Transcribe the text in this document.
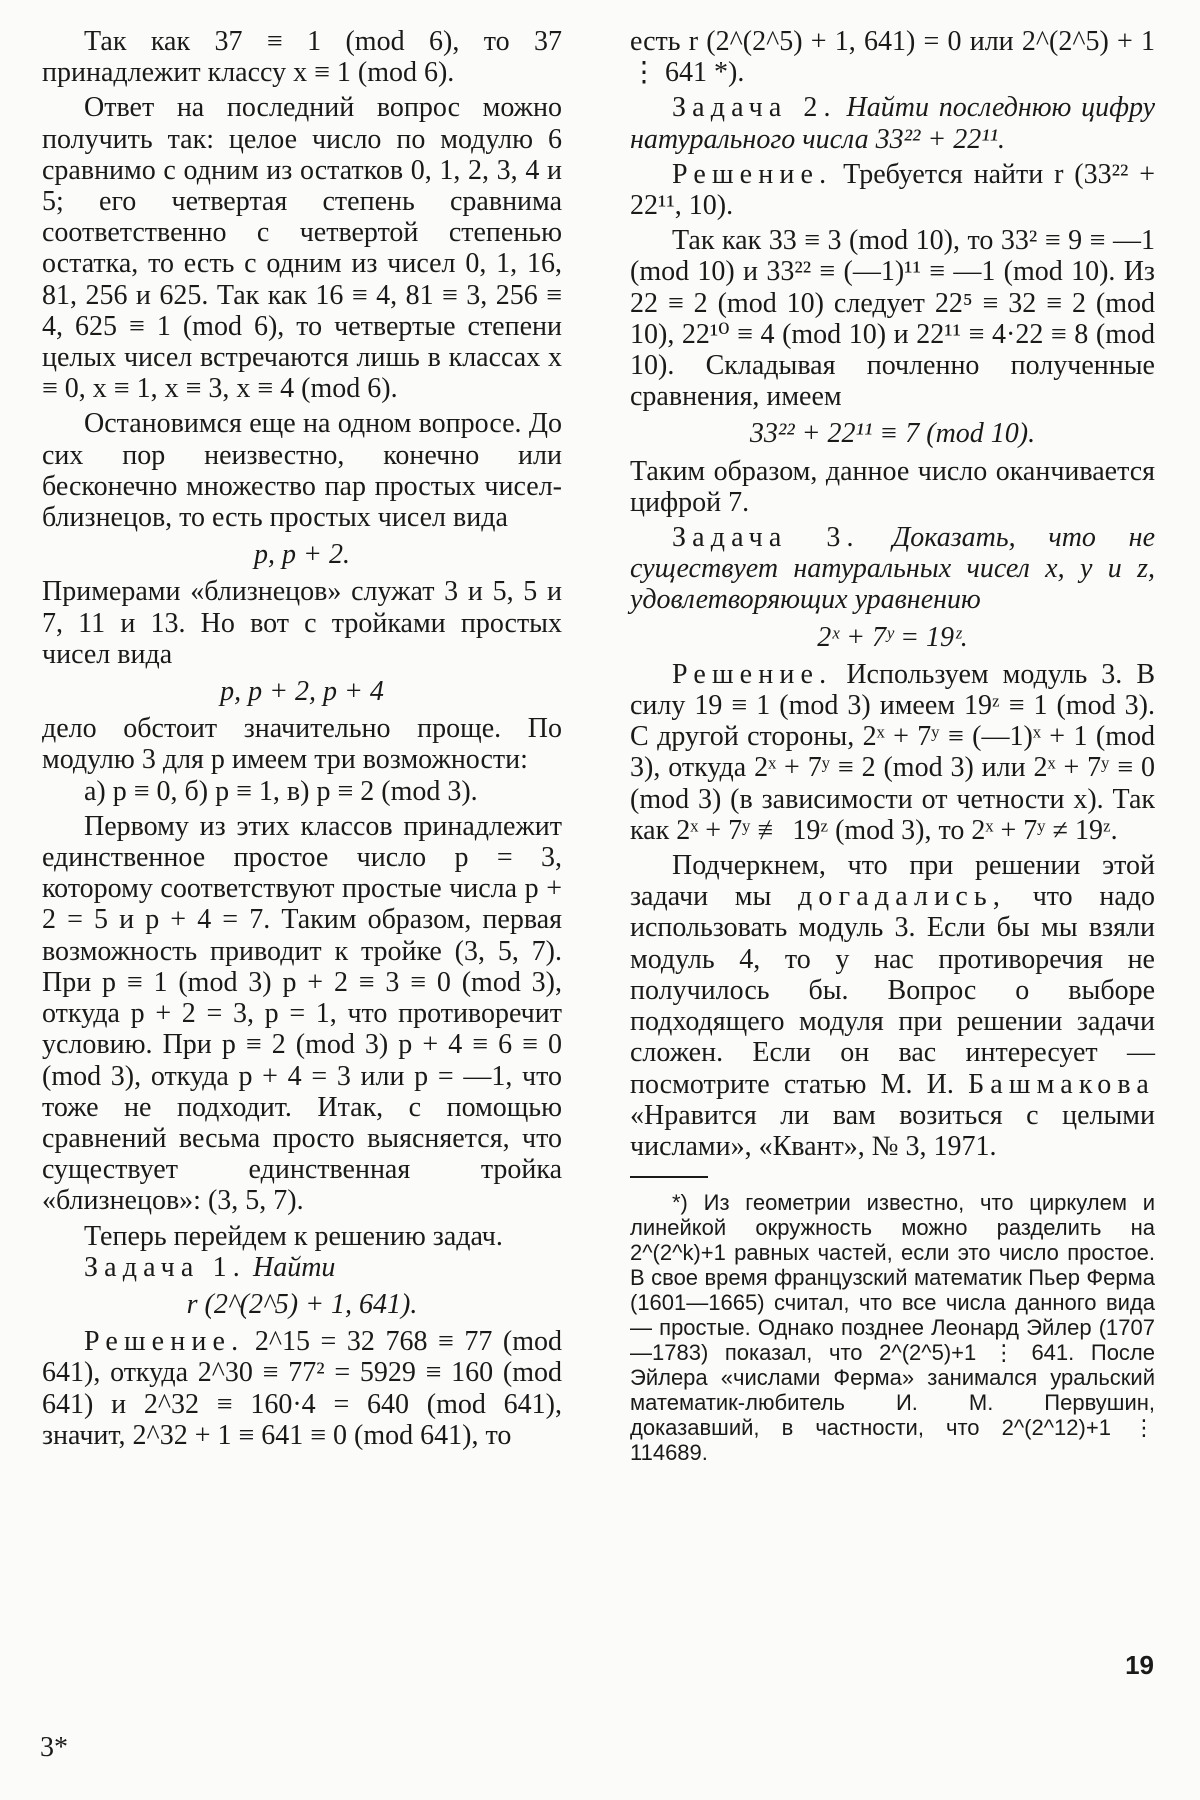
Так как 37 ≡ 1 (mod 6), то 37 принадлежит классу x ≡ 1 (mod 6).

Ответ на последний вопрос можно получить так: целое число по модулю 6 сравнимо с одним из остатков 0, 1, 2, 3, 4 и 5; его четвертая степень сравнима соответственно с четвертой степенью остатка, то есть с одним из чисел 0, 1, 16, 81, 256 и 625. Так как 16 ≡ 4, 81 ≡ 3, 256 ≡ 4, 625 ≡ 1 (mod 6), то четвертые степени целых чисел встречаются лишь в классах x ≡ 0, x ≡ 1, x ≡ 3, x ≡ 4 (mod 6).

Остановимся еще на одном вопросе. До сих пор неизвестно, конечно или бесконечно множество пар простых чисел-близнецов, то есть простых чисел вида

p, p + 2.

Примерами «близнецов» служат 3 и 5, 5 и 7, 11 и 13. Но вот с тройками простых чисел вида

p, p + 2, p + 4

дело обстоит значительно проще. По модулю 3 для p имеем три возможности:

а) p ≡ 0, б) p ≡ 1, в) p ≡ 2 (mod 3).

Первому из этих классов принадлежит единственное простое число p = 3, которому соответствуют простые числа p + 2 = 5 и p + 4 = 7. Таким образом, первая возможность приводит к тройке (3, 5, 7). При p ≡ 1 (mod 3) p + 2 ≡ 3 ≡ 0 (mod 3), откуда p + 2 = 3, p = 1, что противоречит условию. При p ≡ 2 (mod 3) p + 4 ≡ 6 ≡ 0 (mod 3), откуда p + 4 = 3 или p = —1, что тоже не подходит. Итак, с помощью сравнений весьма просто выясняется, что существует единственная тройка «близнецов»: (3, 5, 7).

Теперь перейдем к решению задач.

Задача 1. Найти

r (2^(2^5) + 1, 641).

Решение. 2^15 = 32 768 ≡ 77 (mod 641), откуда 2^30 ≡ 77² = 5929 ≡ 160 (mod 641) и 2^32 ≡ 160·4 = 640 (mod 641), значит, 2^32 + 1 ≡ 641 ≡ 0 (mod 641), то

есть r (2^(2^5) + 1, 641) = 0 или 2^(2^5) + 1 ⋮ 641 *).

Задача 2. Найти последнюю цифру натурального числа 33²² + 22¹¹.

Решение. Требуется найти r (33²² + 22¹¹, 10).

Так как 33 ≡ 3 (mod 10), то 33² ≡ 9 ≡ —1 (mod 10) и 33²² ≡ (—1)¹¹ ≡ —1 (mod 10). Из 22 ≡ 2 (mod 10) следует 22⁵ ≡ 32 ≡ 2 (mod 10), 22¹⁰ ≡ 4 (mod 10) и 22¹¹ ≡ 4·22 ≡ 8 (mod 10). Складывая почленно полученные сравнения, имеем

33²² + 22¹¹ ≡ 7 (mod 10).

Таким образом, данное число оканчивается цифрой 7.

Задача 3. Доказать, что не существует натуральных чисел x, y и z, удовлетворяющих уравнению

2ˣ + 7ʸ = 19ᶻ.

Решение. Используем модуль 3. В силу 19 ≡ 1 (mod 3) имеем 19ᶻ ≡ 1 (mod 3). С другой стороны, 2ˣ + 7ʸ ≡ (—1)ˣ + 1 (mod 3), откуда 2ˣ + 7ʸ ≡ 2 (mod 3) или 2ˣ + 7ʸ ≡ 0 (mod 3) (в зависимости от четности x). Так как 2ˣ + 7ʸ ≢ 19ᶻ (mod 3), то 2ˣ + 7ʸ ≠ 19ᶻ.

Подчеркнем, что при решении этой задачи мы догадались, что надо использовать модуль 3. Если бы мы взяли модуль 4, то у нас противоречия не получилось бы. Вопрос о выборе подходящего модуля при решении задачи сложен. Если он вас интересует — посмотрите статью М. И. Башмакова «Нравится ли вам возиться с целыми числами», «Квант», № 3, 1971.

*) Из геометрии известно, что циркулем и линейкой окружность можно разделить на 2^(2^k)+1 равных частей, если это число простое. В свое время французский математик Пьер Ферма (1601—1665) считал, что все числа данного вида — простые. Однако позднее Леонард Эйлер (1707—1783) показал, что 2^(2^5)+1 ⋮ 641. После Эйлера «числами Ферма» занимался уральский математик-любитель И. М. Первушин, доказавший, в частности, что 2^(2^12)+1 ⋮ 114689.

19
3*
